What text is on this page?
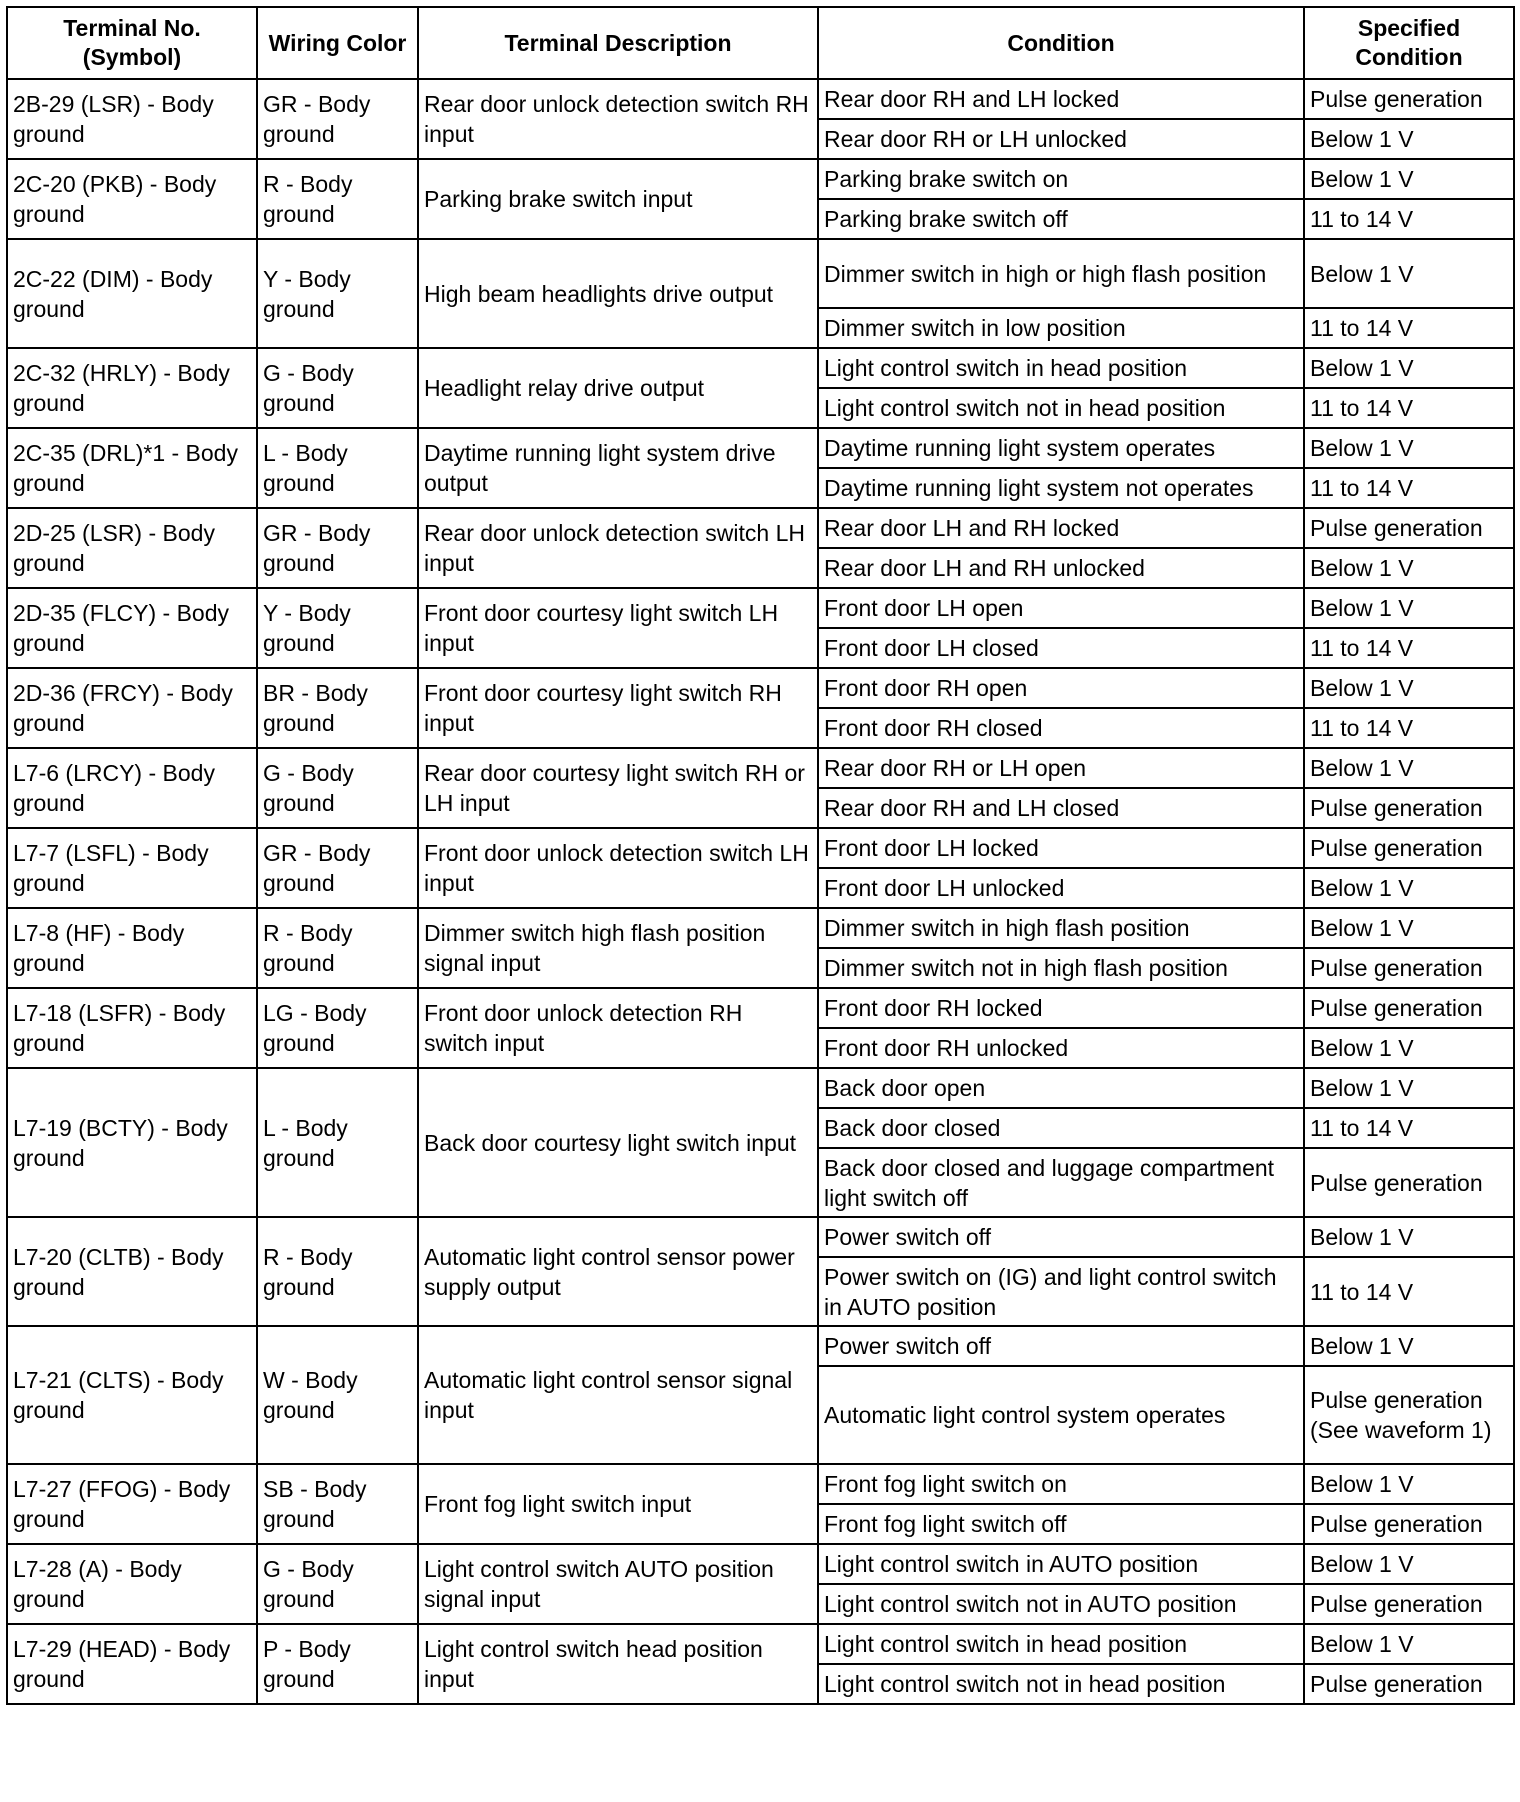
Terminal No. (Symbol)	Wiring Color	Terminal Description	Condition	Specified Condition
2B-29 (LSR) - Body ground	GR - Body ground	Rear door unlock detection switch RH input	Rear door RH and LH locked	Pulse generation
			Rear door RH or LH unlocked	Below 1 V
2C-20 (PKB) - Body ground	R - Body ground	Parking brake switch input	Parking brake switch on	Below 1 V
			Parking brake switch off	11 to 14 V
2C-22 (DIM) - Body ground	Y - Body ground	High beam headlights drive output	Dimmer switch in high or high flash position	Below 1 V
			Dimmer switch in low position	11 to 14 V
2C-32 (HRLY) - Body ground	G - Body ground	Headlight relay drive output	Light control switch in head position	Below 1 V
			Light control switch not in head position	11 to 14 V
2C-35 (DRL)*1 - Body ground	L - Body ground	Daytime running light system drive output	Daytime running light system operates	Below 1 V
			Daytime running light system not operates	11 to 14 V
2D-25 (LSR) - Body ground	GR - Body ground	Rear door unlock detection switch LH input	Rear door LH and RH locked	Pulse generation
			Rear door LH and RH unlocked	Below 1 V
2D-35 (FLCY) - Body ground	Y - Body ground	Front door courtesy light switch LH input	Front door LH open	Below 1 V
			Front door LH closed	11 to 14 V
2D-36 (FRCY) - Body ground	BR - Body ground	Front door courtesy light switch RH input	Front door RH open	Below 1 V
			Front door RH closed	11 to 14 V
L7-6 (LRCY) - Body ground	G - Body ground	Rear door courtesy light switch RH or LH input	Rear door RH or LH open	Below 1 V
			Rear door RH and LH closed	Pulse generation
L7-7 (LSFL) - Body ground	GR - Body ground	Front door unlock detection switch LH input	Front door LH locked	Pulse generation
			Front door LH unlocked	Below 1 V
L7-8 (HF) - Body ground	R - Body ground	Dimmer switch high flash position signal input	Dimmer switch in high flash position	Below 1 V
			Dimmer switch not in high flash position	Pulse generation
L7-18 (LSFR) - Body ground	LG - Body ground	Front door unlock detection RH switch input	Front door RH locked	Pulse generation
			Front door RH unlocked	Below 1 V
L7-19 (BCTY) - Body ground	L - Body ground	Back door courtesy light switch input	Back door open	Below 1 V
			Back door closed	11 to 14 V
			Back door closed and luggage compartment light switch off	Pulse generation
L7-20 (CLTB) - Body ground	R - Body ground	Automatic light control sensor power supply output	Power switch off	Below 1 V
			Power switch on (IG) and light control switch in AUTO position	11 to 14 V
L7-21 (CLTS) - Body ground	W - Body ground	Automatic light control sensor signal input	Power switch off	Below 1 V
			Automatic light control system operates	Pulse generation (See waveform 1)
L7-27 (FFOG) - Body ground	SB - Body ground	Front fog light switch input	Front fog light switch on	Below 1 V
			Front fog light switch off	Pulse generation
L7-28 (A) - Body ground	G - Body ground	Light control switch AUTO position signal input	Light control switch in AUTO position	Below 1 V
			Light control switch not in AUTO position	Pulse generation
L7-29 (HEAD) - Body ground	P - Body ground	Light control switch head position input	Light control switch in head position	Below 1 V
			Light control switch not in head position	Pulse generation
